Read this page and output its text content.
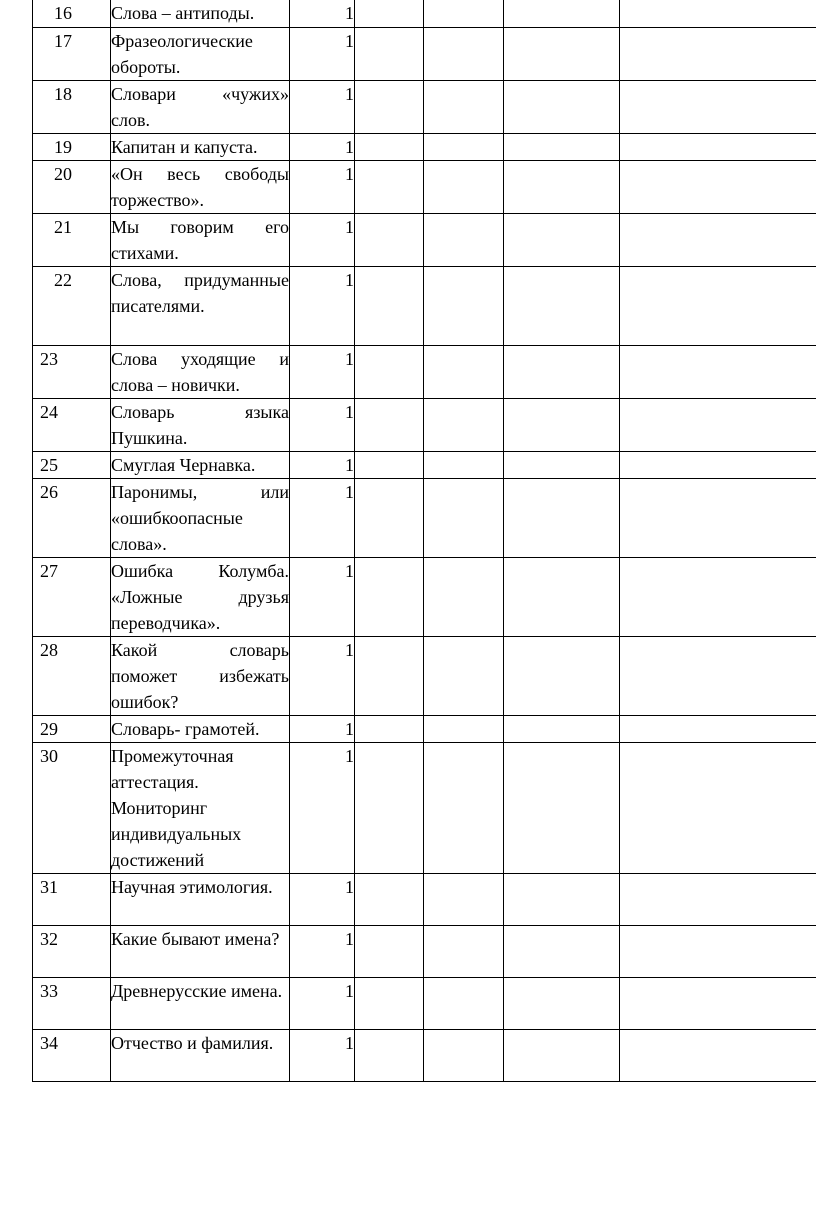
16	Слова – антиподы.	1				
17	Фразеологические обороты.	1				
18	Словари «чужих» слов.	1				
19	Капитан и капуста.	1				
20	«Он весь свободы торжество».	1				
21	Мы говорим его стихами.	1				
22	Слова, придуманные писателями.	1				
23	Слова уходящие и слова – новички.	1				
24	Словарь языка Пушкина.	1				
25	Смуглая Чернавка.	1				
26	Паронимы, или «ошибкоопасные слова».	1				
27	Ошибка Колумба. «Ложные друзья переводчика».	1				
28	Какой словарь поможет избежать ошибок?	1				
29	Словарь- грамотей.	1				
30	Промежуточная аттестация. Мониторинг индивидуальных достижений	1				
31	Научная этимология.	1				
32	Какие бывают имена?	1				
33	Древнерусские имена.	1				
34	Отчество и фамилия.	1				
